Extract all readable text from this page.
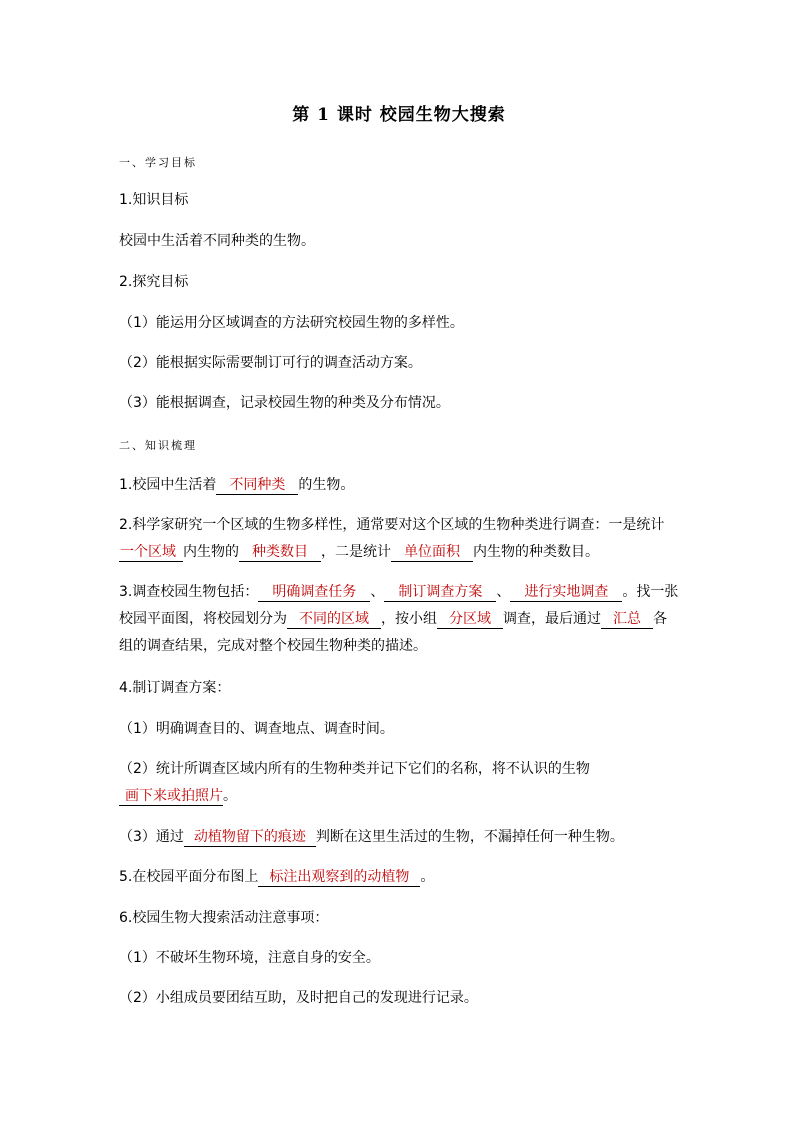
第 1 课时 校园生物大搜索
一、学习目标
1.知识目标
校园中生活着不同种类的生物。
2.探究目标
（1）能运用分区域调查的方法研究校园生物的多样性。
（2）能根据实际需要制订可行的调查活动方案。
（3）能根据调查，记录校园生物的种类及分布情况。
二、知识梳理
1.校园中生活着 不同种类 的生物。
2.科学家研究一个区域的生物多样性，通常要对这个区域的生物种类进行调查：一是统计一个区域 内生物的 种类数目 ，二是统计 单位面积 内生物的种类数目。
3.调查校园生物包括： 明确调查任务 、 制订调查方案 、 进行实地调查 。找一张校园平面图，将校园划分为 不同的区域 ，按小组 分区域 调查，最后通过 汇总 各组的调查结果，完成对整个校园生物种类的描述。
4.制订调查方案：
（1）明确调查目的、调查地点、调查时间。
（2）统计所调查区域内所有的生物种类并记下它们的名称，将不认识的生物画下来或拍照片。
（3）通过 动植物留下的痕迹 判断在这里生活过的生物，不漏掉任何一种生物。
5.在校园平面分布图上 标注出观察到的动植物 。
6.校园生物大搜索活动注意事项：
（1）不破坏生物环境，注意自身的安全。
（2）小组成员要团结互助，及时把自己的发现进行记录。
